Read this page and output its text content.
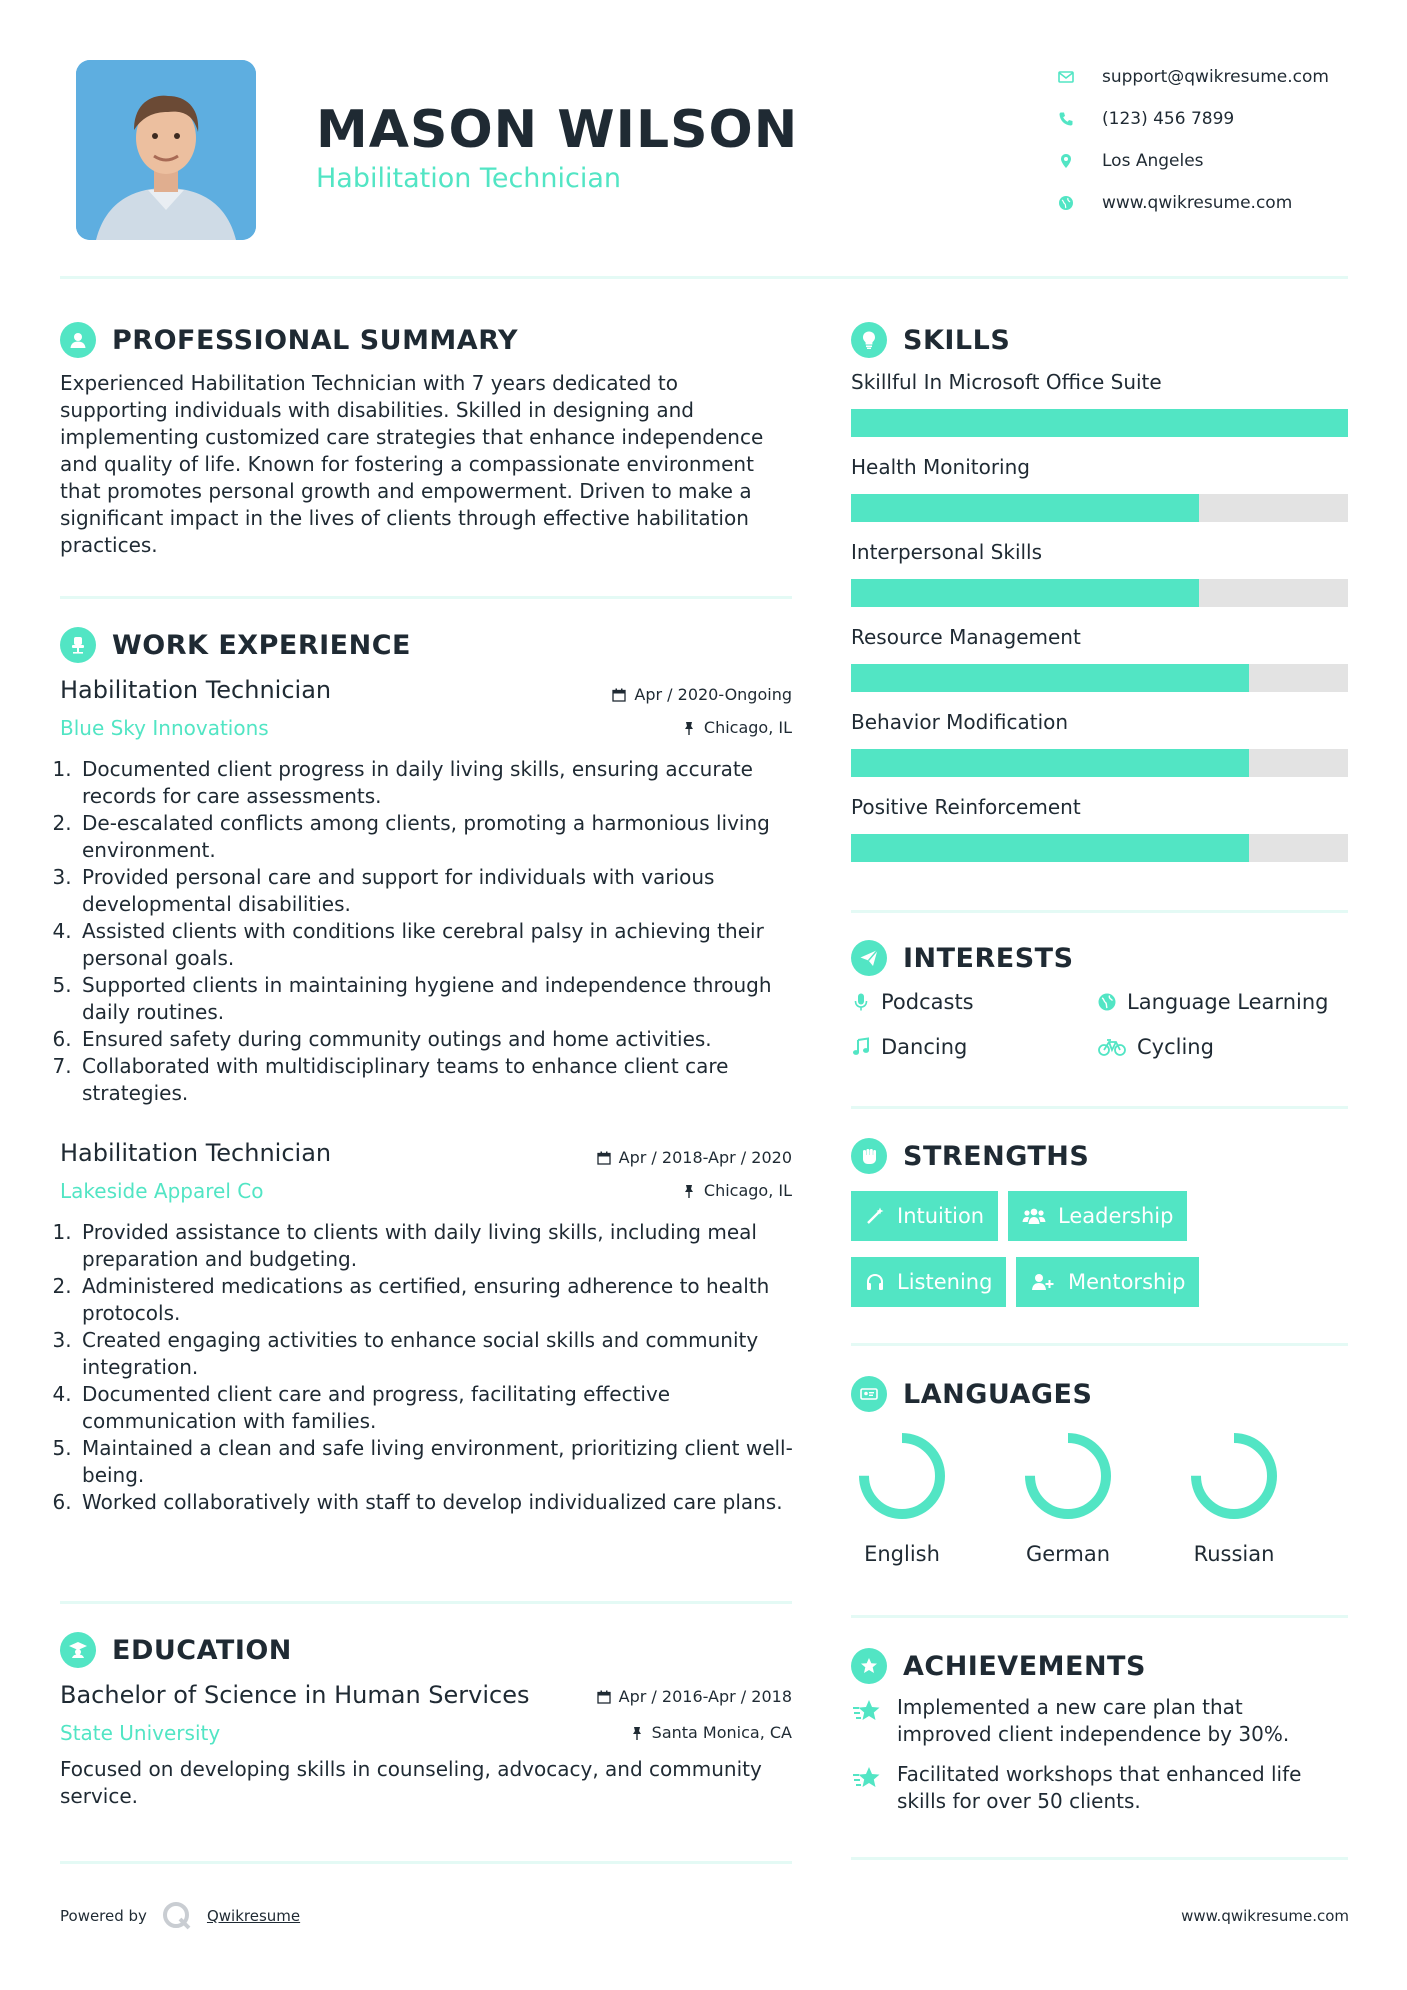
MASON WILSON
Habilitation Technician
support@qwikresume.com
(123) 456 7899
Los Angeles
www.qwikresume.com
PROFESSIONAL SUMMARY
Experienced Habilitation Technician with 7 years dedicated to supporting individuals with disabilities. Skilled in designing and implementing customized care strategies that enhance independence and quality of life. Known for fostering a compassionate environment that promotes personal growth and empowerment. Driven to make a significant impact in the lives of clients through effective habilitation practices.
WORK EXPERIENCE
Habilitation Technician	Apr / 2020-Ongoing
Blue Sky Innovations	Chicago, IL
1. Documented client progress in daily living skills, ensuring accurate records for care assessments.
2. De-escalated conflicts among clients, promoting a harmonious living environment.
3. Provided personal care and support for individuals with various developmental disabilities.
4. Assisted clients with conditions like cerebral palsy in achieving their personal goals.
5. Supported clients in maintaining hygiene and independence through daily routines.
6. Ensured safety during community outings and home activities.
7. Collaborated with multidisciplinary teams to enhance client care strategies.
Habilitation Technician	Apr / 2018-Apr / 2020
Lakeside Apparel Co	Chicago, IL
1. Provided assistance to clients with daily living skills, including meal preparation and budgeting.
2. Administered medications as certified, ensuring adherence to health protocols.
3. Created engaging activities to enhance social skills and community integration.
4. Documented client care and progress, facilitating effective communication with families.
5. Maintained a clean and safe living environment, prioritizing client well-being.
6. Worked collaboratively with staff to develop individualized care plans.
EDUCATION
Bachelor of Science in Human Services	Apr / 2016-Apr / 2018
State University	Santa Monica, CA
Focused on developing skills in counseling, advocacy, and community service.
SKILLS
Skillful In Microsoft Office Suite
Health Monitoring
Interpersonal Skills
Resource Management
Behavior Modification
Positive Reinforcement
INTERESTS
Podcasts	Language Learning
Dancing	Cycling
STRENGTHS
Intuition	Leadership
Listening	Mentorship
LANGUAGES
English	German	Russian
ACHIEVEMENTS
Implemented a new care plan that improved client independence by 30%.
Facilitated workshops that enhanced life skills for over 50 clients.
Powered by	Qwikresume	www.qwikresume.com
